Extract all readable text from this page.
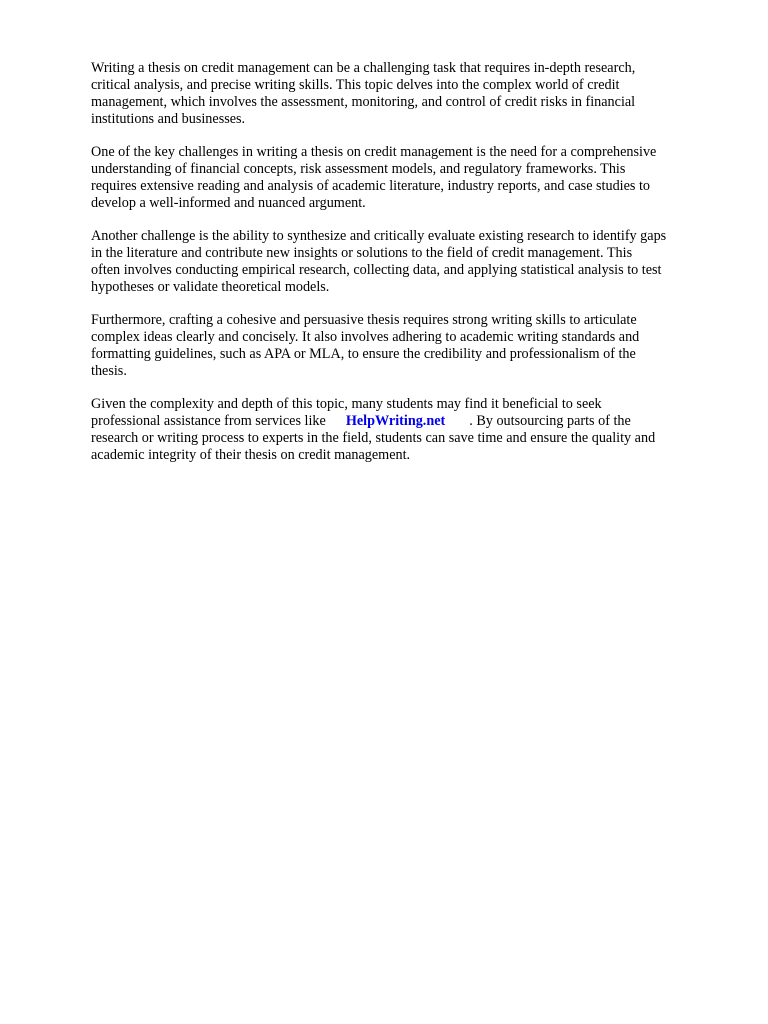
Writing a thesis on credit management can be a challenging task that requires in-depth research,
critical analysis, and precise writing skills. This topic delves into the complex world of credit
management, which involves the assessment, monitoring, and control of credit risks in financial
institutions and businesses.

One of the key challenges in writing a thesis on credit management is the need for a comprehensive
understanding of financial concepts, risk assessment models, and regulatory frameworks. This
requires extensive reading and analysis of academic literature, industry reports, and case studies to
develop a well-informed and nuanced argument.

Another challenge is the ability to synthesize and critically evaluate existing research to identify gaps
in the literature and contribute new insights or solutions to the field of credit management. This
often involves conducting empirical research, collecting data, and applying statistical analysis to test
hypotheses or validate theoretical models.

Furthermore, crafting a cohesive and persuasive thesis requires strong writing skills to articulate
complex ideas clearly and concisely. It also involves adhering to academic writing standards and
formatting guidelines, such as APA or MLA, to ensure the credibility and professionalism of the
thesis.

Given the complexity and depth of this topic, many students may find it beneficial to seek
professional assistance from services like HelpWriting.net . By outsourcing parts of the
research or writing process to experts in the field, students can save time and ensure the quality and
academic integrity of their thesis on credit management.
